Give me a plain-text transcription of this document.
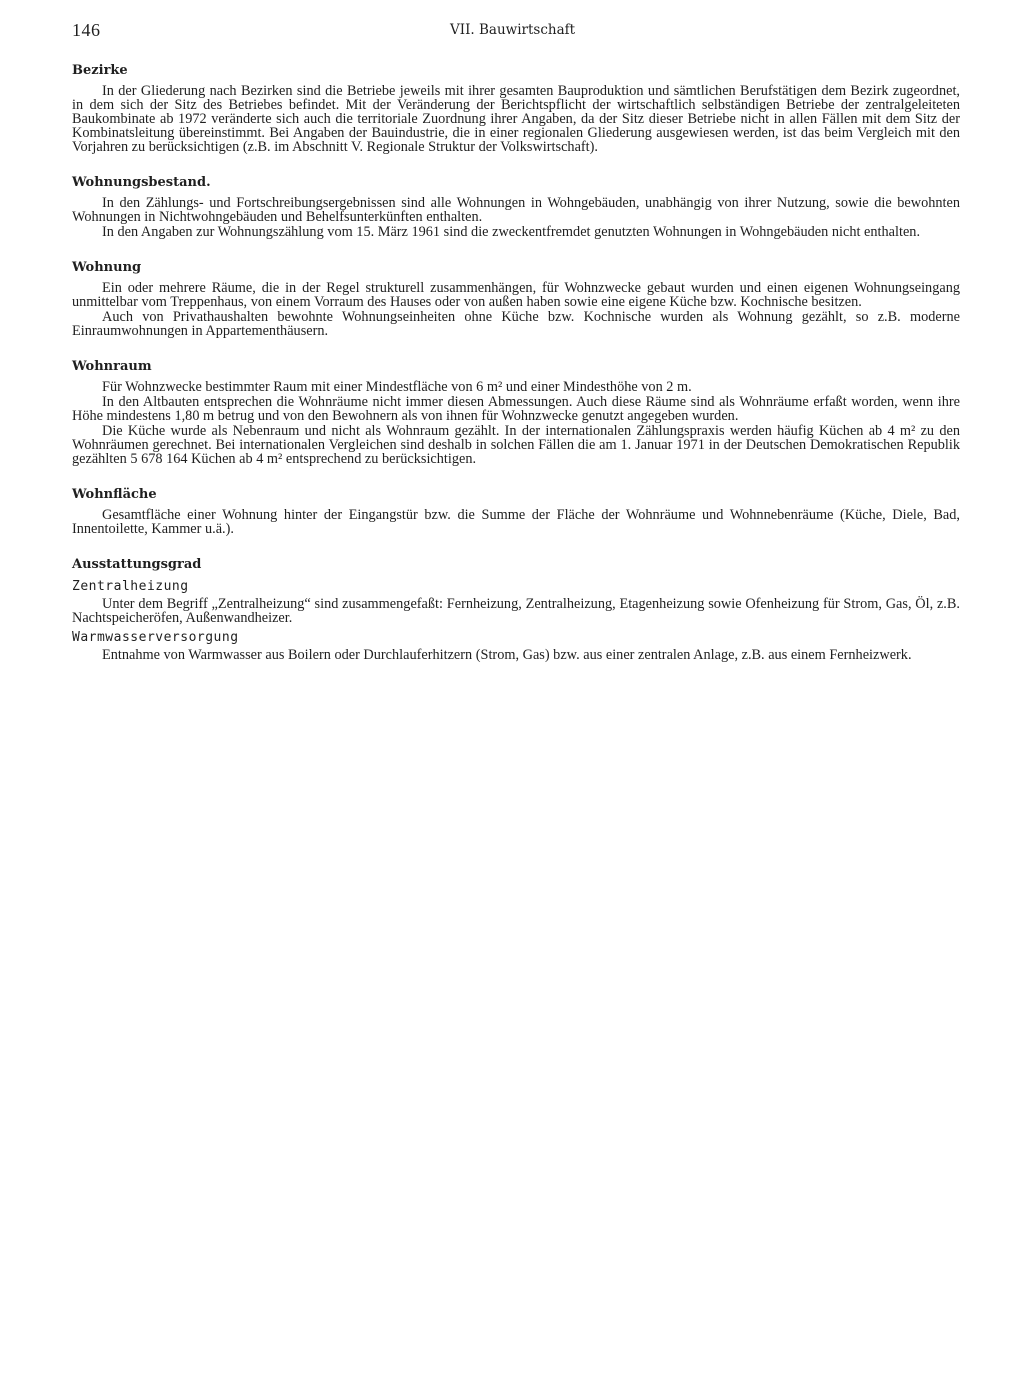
146	VII. Bauwirtschaft
Bezirke

In der Gliederung nach Bezirken sind die Betriebe jeweils mit ihrer gesamten Bauproduktion und sämtlichen Berufstätigen dem Bezirk zugeordnet, in dem sich der Sitz des Betriebes befindet. Mit der Veränderung der Berichtspflicht der wirtschaftlich selbständigen Betriebe der zentralgeleiteten Baukombinate ab 1972 veränderte sich auch die territoriale Zuordnung ihrer Angaben, da der Sitz dieser Betriebe nicht in allen Fällen mit dem Sitz der Kombinatsleitung übereinstimmt. Bei Angaben der Bauindustrie, die in einer regionalen Gliederung ausgewiesen werden, ist das beim Vergleich mit den Vorjahren zu berücksichtigen (z.B. im Abschnitt V. Regionale Struktur der Volkswirtschaft).

Wohnungsbestand.

In den Zählungs- und Fortschreibungsergebnissen sind alle Wohnungen in Wohngebäuden, unabhängig von ihrer Nutzung, sowie die bewohnten Wohnungen in Nichtwohngebäuden und Behelfsunterkünften enthalten.

In den Angaben zur Wohnungszählung vom 15. März 1961 sind die zweckentfremdet genutzten Wohnungen in Wohngebäuden nicht enthalten.

Wohnung

Ein oder mehrere Räume, die in der Regel strukturell zusammenhängen, für Wohnzwecke gebaut wurden und einen eigenen Wohnungseingang unmittelbar vom Treppenhaus, von einem Vorraum des Hauses oder von außen haben sowie eine eigene Küche bzw. Kochnische besitzen.

Auch von Privathaushalten bewohnte Wohnungseinheiten ohne Küche bzw. Kochnische wurden als Wohnung gezählt, so z.B. moderne Einraumwohnungen in Appartementhäusern.

Wohnraum

Für Wohnzwecke bestimmter Raum mit einer Mindestfläche von 6 m² und einer Mindesthöhe von 2 m.

In den Altbauten entsprechen die Wohnräume nicht immer diesen Abmessungen. Auch diese Räume sind als Wohnräume erfaßt worden, wenn ihre Höhe mindestens 1,80 m betrug und von den Bewohnern als von ihnen für Wohnzwecke genutzt angegeben wurden.

Die Küche wurde als Nebenraum und nicht als Wohnraum gezählt. In der internationalen Zählungspraxis werden häufig Küchen ab 4 m² zu den Wohnräumen gerechnet. Bei internationalen Vergleichen sind deshalb in solchen Fällen die am 1. Januar 1971 in der Deutschen Demokratischen Republik gezählten 5 678 164 Küchen ab 4 m² entsprechend zu berücksichtigen.

Wohnfläche

Gesamtfläche einer Wohnung hinter der Eingangstür bzw. die Summe der Fläche der Wohnräume und Wohnnebenräume (Küche, Diele, Bad, Innentoilette, Kammer u.ä.).

Ausstattungsgrad
Zentralheizung

Unter dem Begriff „Zentralheizung“ sind zusammengefaßt: Fernheizung, Zentralheizung, Etagenheizung sowie Ofenheizung für Strom, Gas, Öl, z.B. Nachtspeicheröfen, Außenwandheizer.

Warmwasserversorgung

Entnahme von Warmwasser aus Boilern oder Durchlauferhitzern (Strom, Gas) bzw. aus einer zentralen Anlage, z.B. aus einem Fernheizwerk.
